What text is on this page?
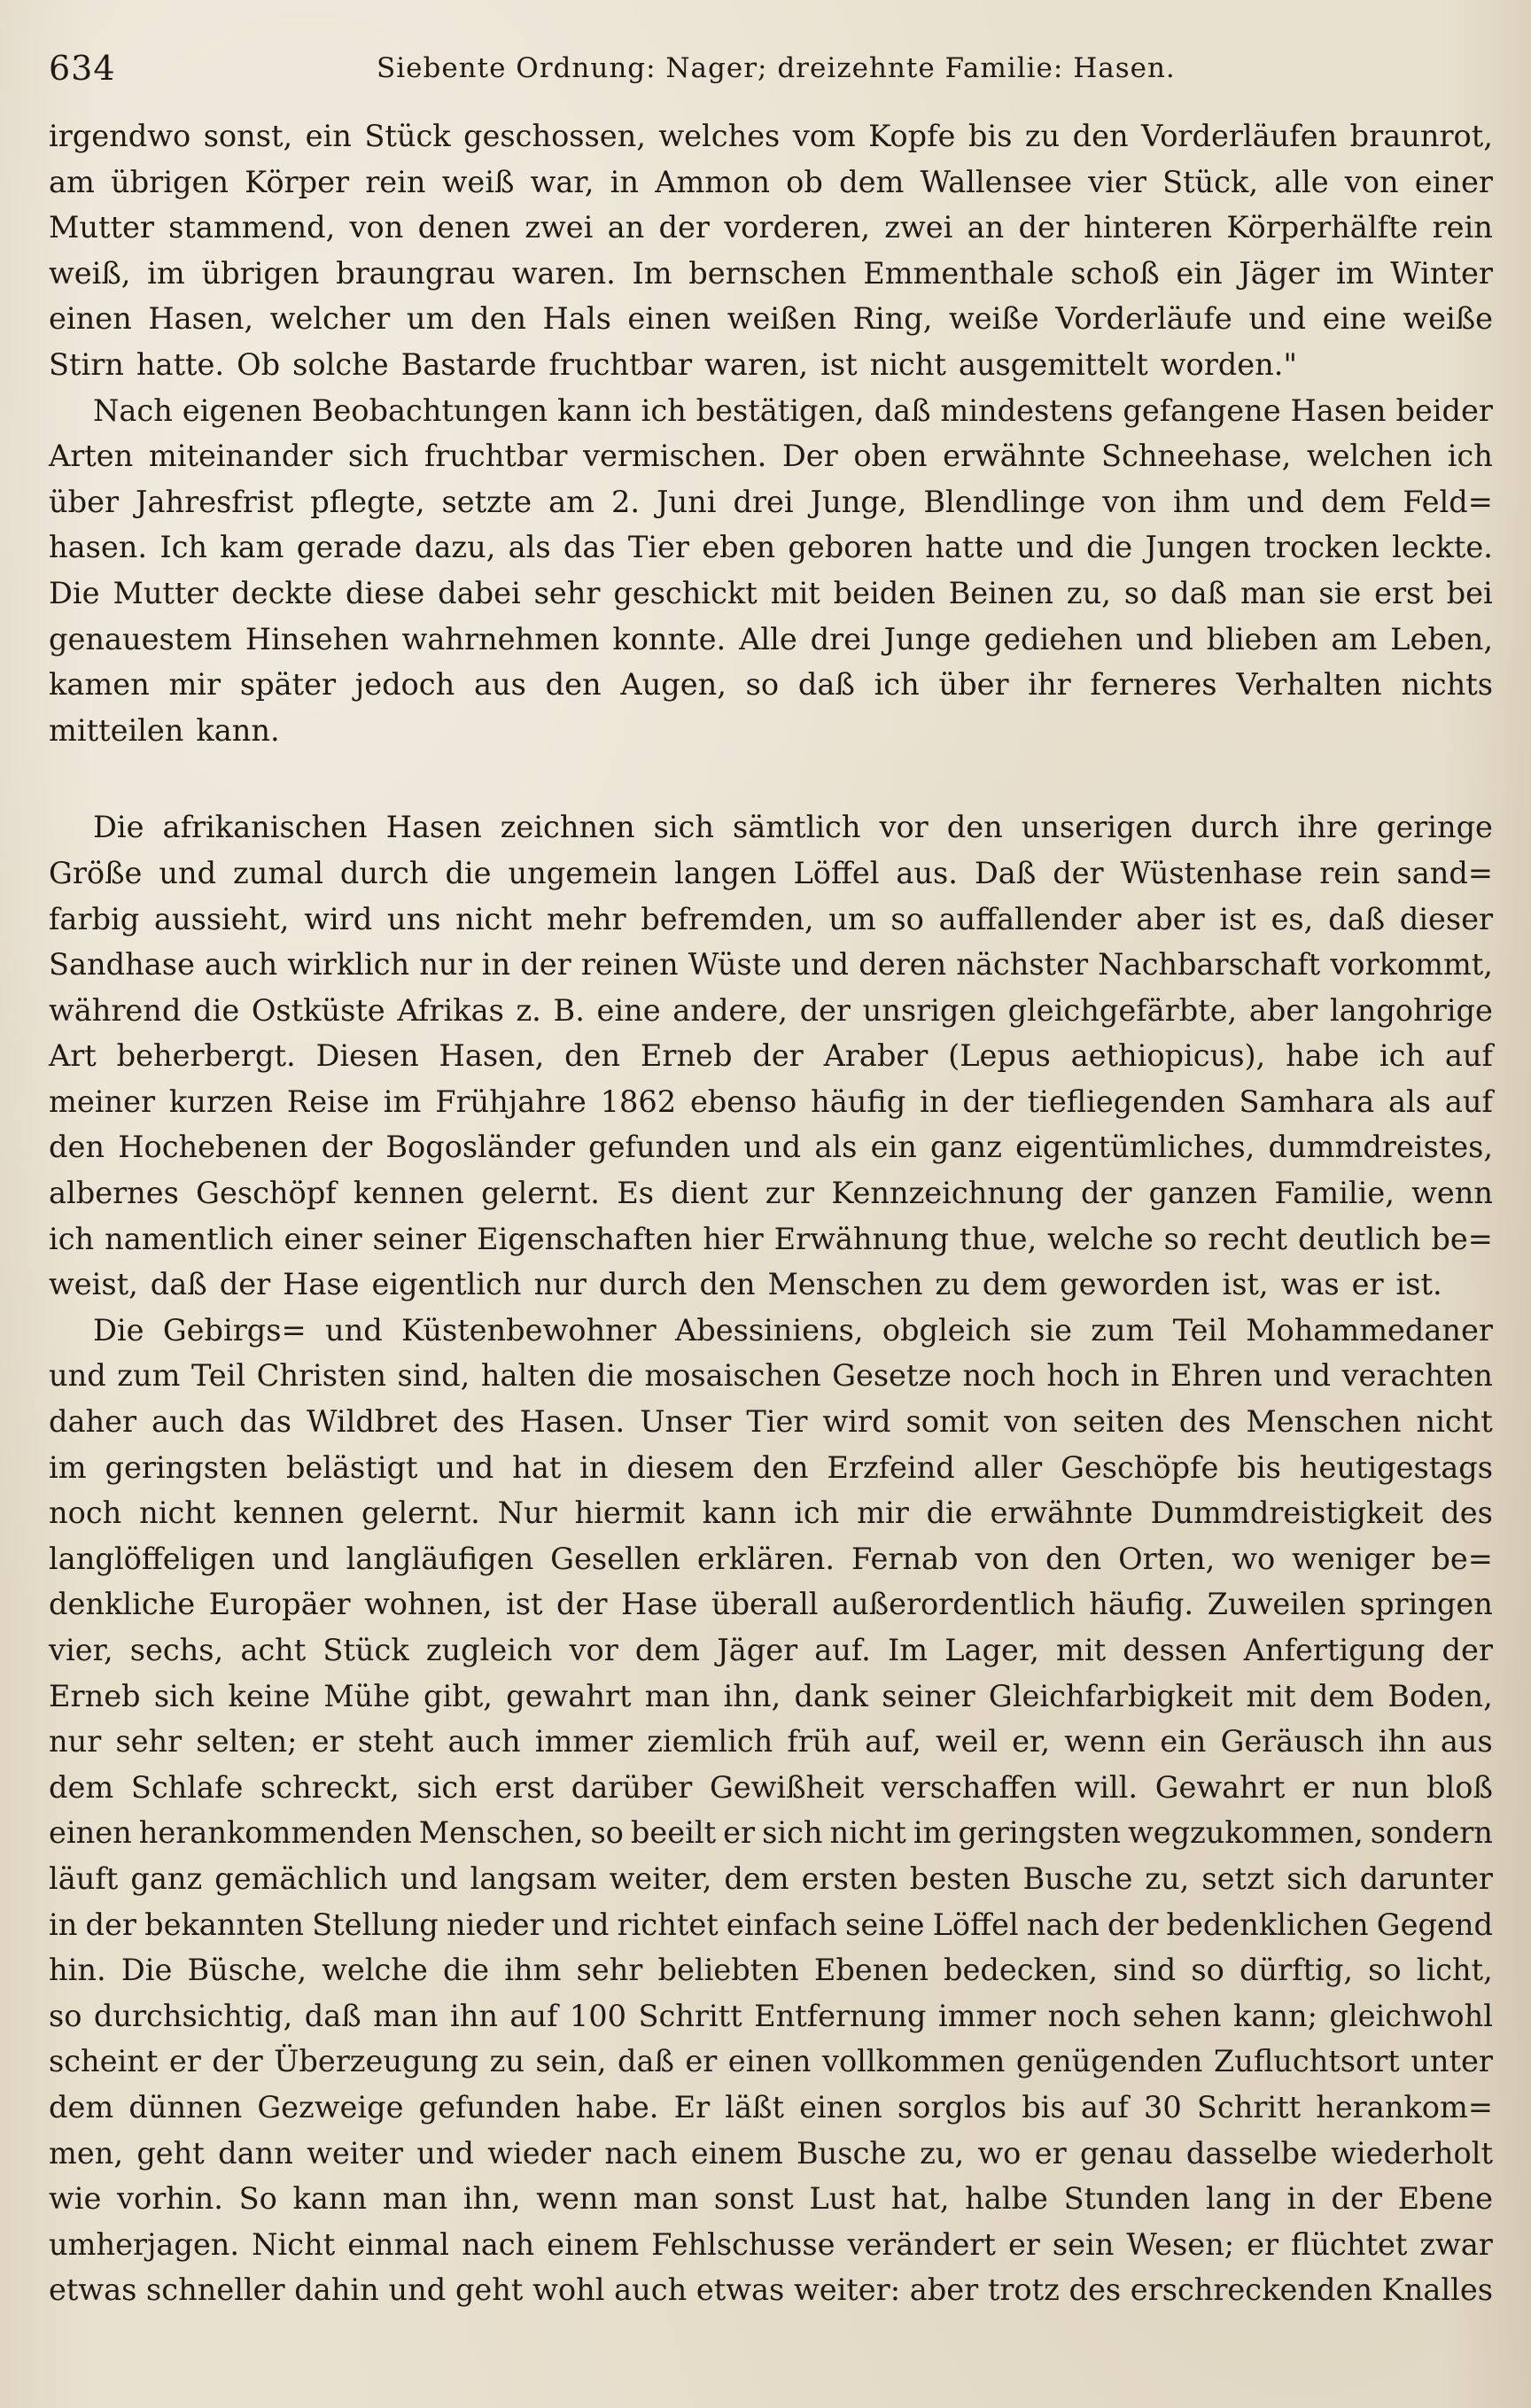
634	Siebente Ordnung: Nager; dreizehnte Familie: Hasen.
irgendwo sonst, ein Stück geschossen, welches vom Kopfe bis zu den Vorderläufen braunrot,
am übrigen Körper rein weiß war, in Ammon ob dem Wallensee vier Stück, alle von einer
Mutter stammend, von denen zwei an der vorderen, zwei an der hinteren Körperhälfte rein
weiß, im übrigen braungrau waren. Im bernschen Emmenthale schoß ein Jäger im Winter
einen Hasen, welcher um den Hals einen weißen Ring, weiße Vorderläufe und eine weiße
Stirn hatte. Ob solche Bastarde fruchtbar waren, ist nicht ausgemittelt worden."
Nach eigenen Beobachtungen kann ich bestätigen, daß mindestens gefangene Hasen beider
Arten miteinander sich fruchtbar vermischen. Der oben erwähnte Schneehase, welchen ich
über Jahresfrist pflegte, setzte am 2. Juni drei Junge, Blendlinge von ihm und dem Feld=
hasen. Ich kam gerade dazu, als das Tier eben geboren hatte und die Jungen trocken leckte.
Die Mutter deckte diese dabei sehr geschickt mit beiden Beinen zu, so daß man sie erst bei
genauestem Hinsehen wahrnehmen konnte. Alle drei Junge gediehen und blieben am Leben,
kamen mir später jedoch aus den Augen, so daß ich über ihr ferneres Verhalten nichts
mitteilen kann.
Die afrikanischen Hasen zeichnen sich sämtlich vor den unserigen durch ihre geringe
Größe und zumal durch die ungemein langen Löffel aus. Daß der Wüstenhase rein sand=
farbig aussieht, wird uns nicht mehr befremden, um so auffallender aber ist es, daß dieser
Sandhase auch wirklich nur in der reinen Wüste und deren nächster Nachbarschaft vorkommt,
während die Ostküste Afrikas z. B. eine andere, der unsrigen gleichgefärbte, aber langohrige
Art beherbergt. Diesen Hasen, den Erneb der Araber (Lepus aethiopicus), habe ich auf
meiner kurzen Reise im Frühjahre 1862 ebenso häufig in der tiefliegenden Samhara als auf
den Hochebenen der Bogosländer gefunden und als ein ganz eigentümliches, dummdreistes,
albernes Geschöpf kennen gelernt. Es dient zur Kennzeichnung der ganzen Familie, wenn
ich namentlich einer seiner Eigenschaften hier Erwähnung thue, welche so recht deutlich be=
weist, daß der Hase eigentlich nur durch den Menschen zu dem geworden ist, was er ist.
Die Gebirgs= und Küstenbewohner Abessiniens, obgleich sie zum Teil Mohammedaner
und zum Teil Christen sind, halten die mosaischen Gesetze noch hoch in Ehren und verachten
daher auch das Wildbret des Hasen. Unser Tier wird somit von seiten des Menschen nicht
im geringsten belästigt und hat in diesem den Erzfeind aller Geschöpfe bis heutigestags
noch nicht kennen gelernt. Nur hiermit kann ich mir die erwähnte Dummdreistigkeit des
langlöffeligen und langläufigen Gesellen erklären. Fernab von den Orten, wo weniger be=
denkliche Europäer wohnen, ist der Hase überall außerordentlich häufig. Zuweilen springen
vier, sechs, acht Stück zugleich vor dem Jäger auf. Im Lager, mit dessen Anfertigung der
Erneb sich keine Mühe gibt, gewahrt man ihn, dank seiner Gleichfarbigkeit mit dem Boden,
nur sehr selten; er steht auch immer ziemlich früh auf, weil er, wenn ein Geräusch ihn aus
dem Schlafe schreckt, sich erst darüber Gewißheit verschaffen will. Gewahrt er nun bloß
einen herankommenden Menschen, so beeilt er sich nicht im geringsten wegzukommen, sondern
läuft ganz gemächlich und langsam weiter, dem ersten besten Busche zu, setzt sich darunter
in der bekannten Stellung nieder und richtet einfach seine Löffel nach der bedenklichen Gegend
hin. Die Büsche, welche die ihm sehr beliebten Ebenen bedecken, sind so dürftig, so licht,
so durchsichtig, daß man ihn auf 100 Schritt Entfernung immer noch sehen kann; gleichwohl
scheint er der Überzeugung zu sein, daß er einen vollkommen genügenden Zufluchtsort unter
dem dünnen Gezweige gefunden habe. Er läßt einen sorglos bis auf 30 Schritt herankom=
men, geht dann weiter und wieder nach einem Busche zu, wo er genau dasselbe wiederholt
wie vorhin. So kann man ihn, wenn man sonst Lust hat, halbe Stunden lang in der Ebene
umherjagen. Nicht einmal nach einem Fehlschusse verändert er sein Wesen; er flüchtet zwar
etwas schneller dahin und geht wohl auch etwas weiter: aber trotz des erschreckenden Knalles
